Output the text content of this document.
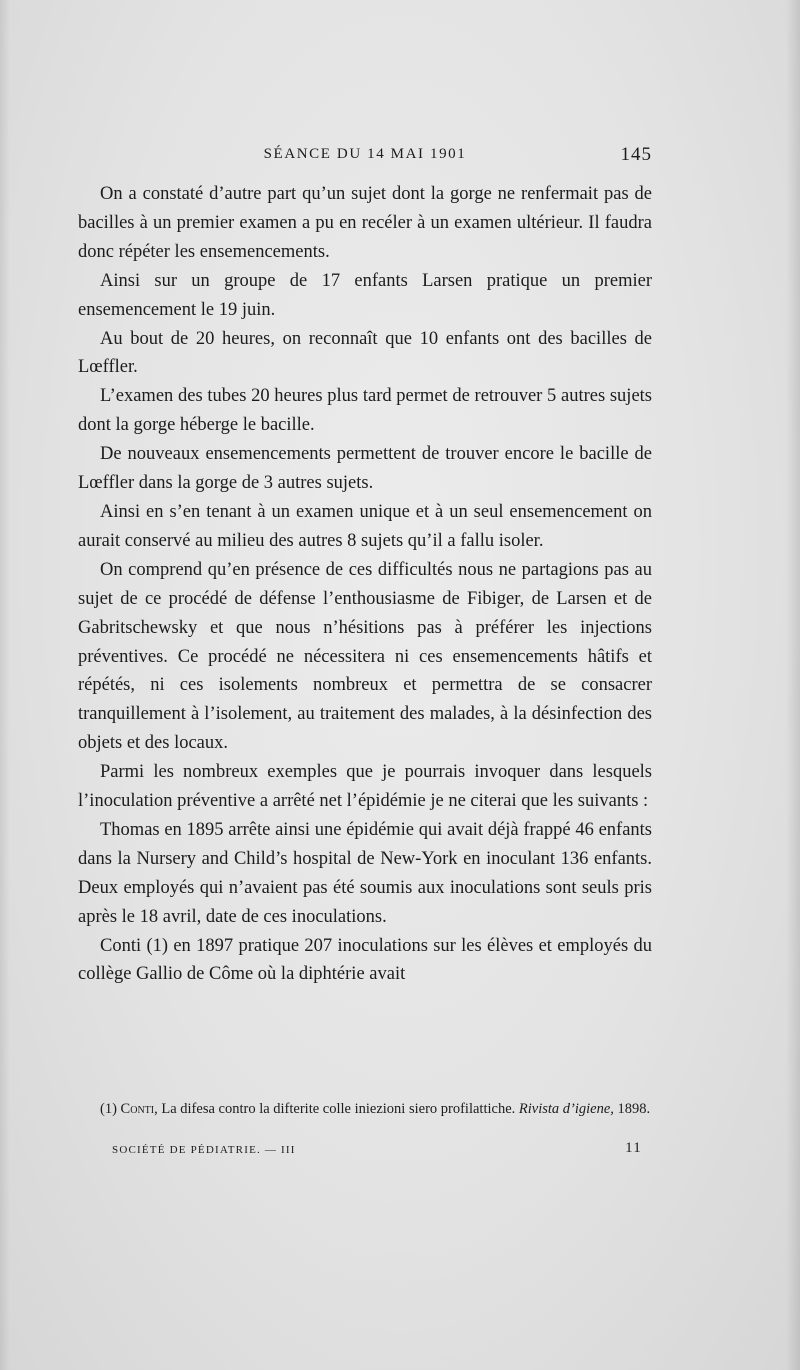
SÉANCE DU 14 MAI 1901	145

On a constaté d’autre part qu’un sujet dont la gorge ne renfermait pas de bacilles à un premier examen a pu en recéler à un examen ultérieur. Il faudra donc répéter les ensemencements.

Ainsi sur un groupe de 17 enfants Larsen pratique un premier ensemencement le 19 juin.

Au bout de 20 heures, on reconnaît que 10 enfants ont des bacilles de Lœffler.

L’examen des tubes 20 heures plus tard permet de retrouver 5 autres sujets dont la gorge héberge le bacille.

De nouveaux ensemencements permettent de trouver encore le bacille de Lœffler dans la gorge de 3 autres sujets.

Ainsi en s’en tenant à un examen unique et à un seul ensemencement on aurait conservé au milieu des autres 8 sujets qu’il a fallu isoler.

On comprend qu’en présence de ces difficultés nous ne partagions pas au sujet de ce procédé de défense l’enthousiasme de Fibiger, de Larsen et de Gabritschewsky et que nous n’hésitions pas à préférer les injections préventives. Ce procédé ne nécessitera ni ces ensemencements hâtifs et répétés, ni ces isolements nombreux et permettra de se consacrer tranquillement à l’isolement, au traitement des malades, à la désinfection des objets et des locaux.

Parmi les nombreux exemples que je pourrais invoquer dans lesquels l’inoculation préventive a arrêté net l’épidémie je ne citerai que les suivants :

Thomas en 1895 arrête ainsi une épidémie qui avait déjà frappé 46 enfants dans la Nursery and Child’s hospital de New-York en inoculant 136 enfants. Deux employés qui n’avaient pas été soumis aux inoculations sont seuls pris après le 18 avril, date de ces inoculations.

Conti (1) en 1897 pratique 207 inoculations sur les élèves et employés du collège Gallio de Côme où la diphtérie avait

(1) Conti, La difesa contro la difterite colle iniezioni siero profilattiche. Rivista d’igiene, 1898.

SOCIÉTÉ DE PÉDIATRIE. — III	11
